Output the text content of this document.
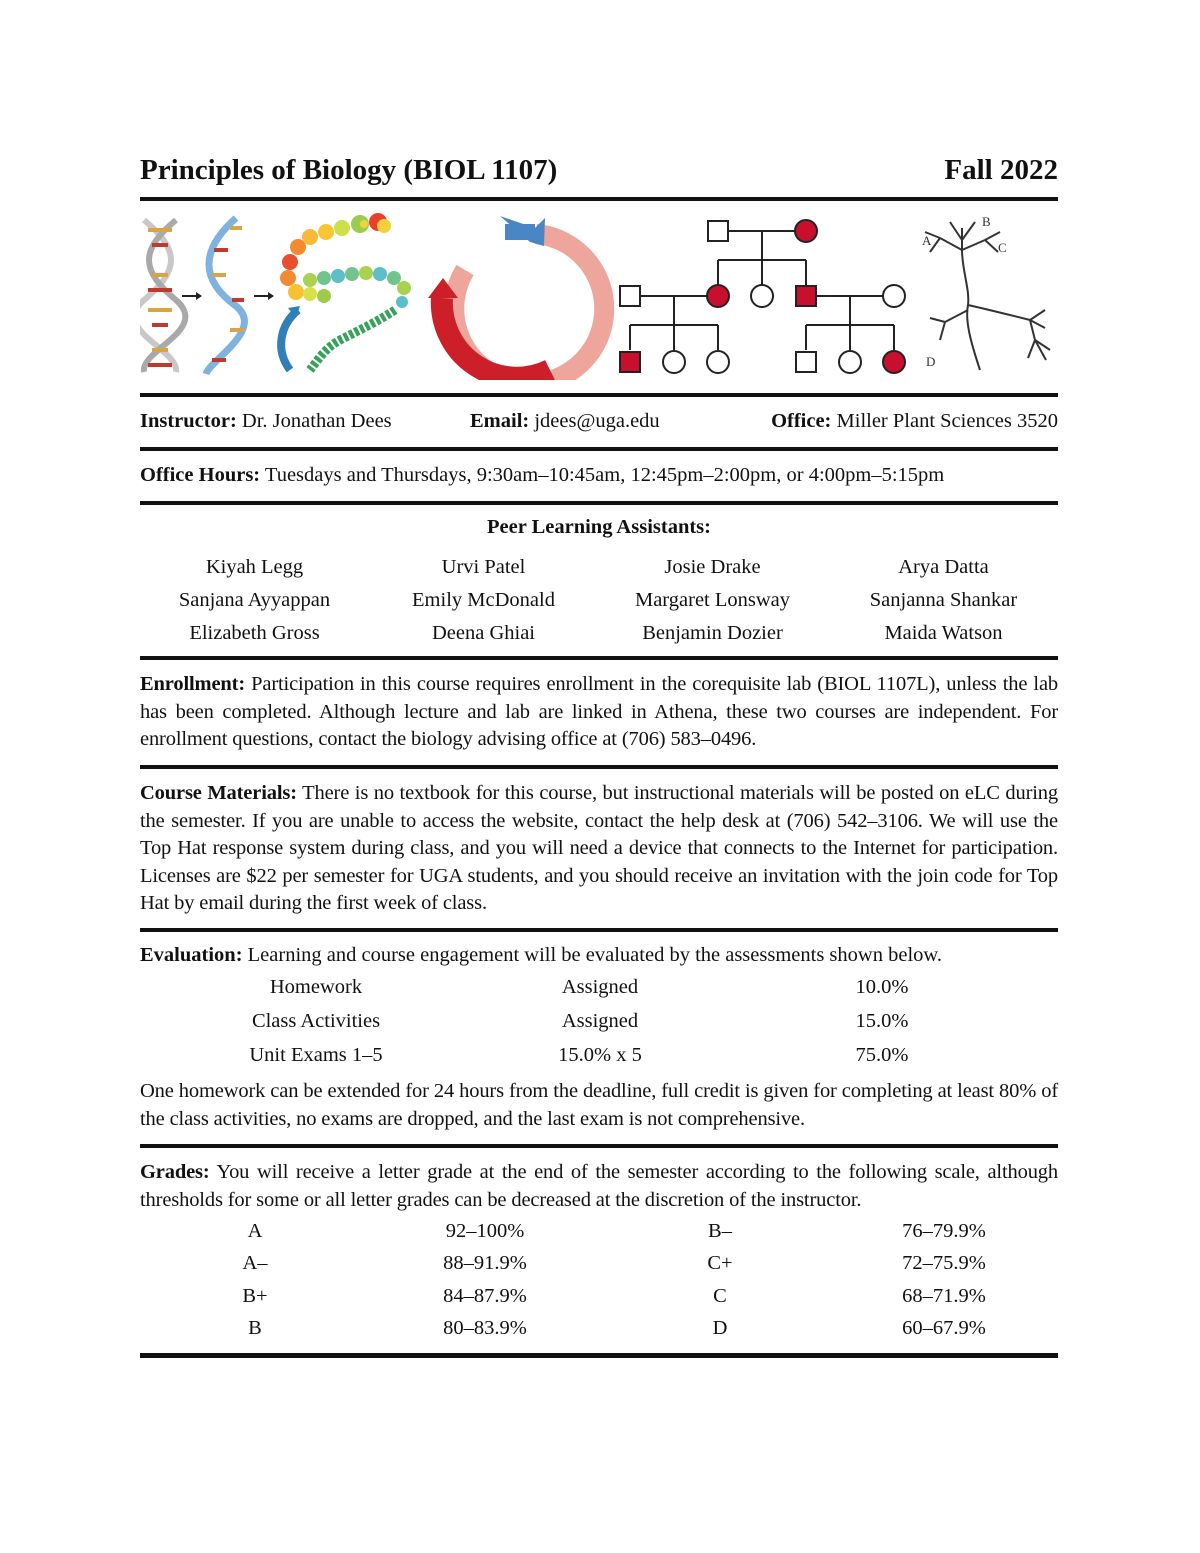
Principles of Biology (BIOL 1107)	Fall 2022
A
B
C
D
Instructor: Dr. Jonathan Dees	Email: jdees@uga.edu	Office: Miller Plant Sciences 3520
Office Hours: Tuesdays and Thursdays, 9:30am–10:45am, 12:45pm–2:00pm, or 4:00pm–5:15pm
Peer Learning Assistants:
Kiyah Legg	Urvi Patel	Josie Drake	Arya Datta
Sanjana Ayyappan	Emily McDonald	Margaret Lonsway	Sanjanna Shankar
Elizabeth Gross	Deena Ghiai	Benjamin Dozier	Maida Watson
Enrollment: Participation in this course requires enrollment in the corequisite lab (BIOL 1107L), unless the lab has been completed. Although lecture and lab are linked in Athena, these two courses are independent. For enrollment questions, contact the biology advising office at (706) 583–0496.
Course Materials: There is no textbook for this course, but instructional materials will be posted on eLC during the semester. If you are unable to access the website, contact the help desk at (706) 542–3106. We will use the Top Hat response system during class, and you will need a device that connects to the Internet for participation. Licenses are $22 per semester for UGA students, and you should receive an invitation with the join code for Top Hat by email during the first week of class.
Evaluation: Learning and course engagement will be evaluated by the assessments shown below.
Homework	Assigned	10.0%
Class Activities	Assigned	15.0%
Unit Exams 1–5	15.0% x 5	75.0%
One homework can be extended for 24 hours from the deadline, full credit is given for completing at least 80% of the class activities, no exams are dropped, and the last exam is not comprehensive.
Grades: You will receive a letter grade at the end of the semester according to the following scale, although thresholds for some or all letter grades can be decreased at the discretion of the instructor.
A	92–100%	B–	76–79.9%
A–	88–91.9%	C+	72–75.9%
B+	84–87.9%	C	68–71.9%
B	80–83.9%	D	60–67.9%
